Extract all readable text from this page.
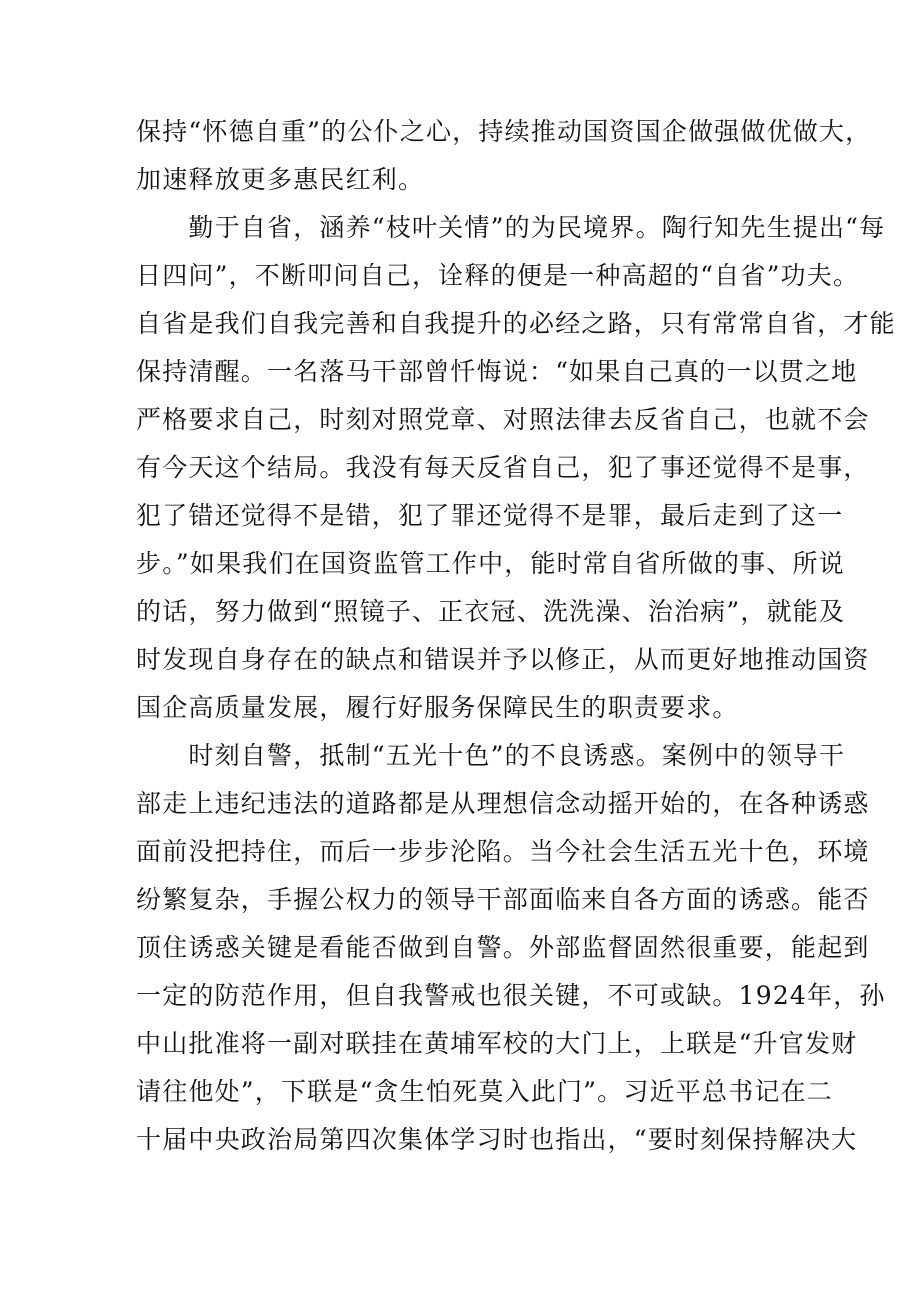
保持“怀德自重”的公仆之心，持续推动国资国企做强做优做大，
加速释放更多惠民红利。
　　勤于自省，涵养“枝叶关情”的为民境界。陶行知先生提出“每
日四问”，不断叩问自己，诠释的便是一种高超的“自省”功夫。
自省是我们自我完善和自我提升的必经之路，只有常常自省，才能
保持清醒。一名落马干部曾忏悔说：“如果自己真的一以贯之地
严格要求自己，时刻对照党章、对照法律去反省自己，也就不会
有今天这个结局。我没有每天反省自己，犯了事还觉得不是事，
犯了错还觉得不是错，犯了罪还觉得不是罪，最后走到了这一
步。”如果我们在国资监管工作中，能时常自省所做的事、所说
的话，努力做到“照镜子、正衣冠、洗洗澡、治治病”，就能及
时发现自身存在的缺点和错误并予以修正，从而更好地推动国资
国企高质量发展，履行好服务保障民生的职责要求。
　　时刻自警，抵制“五光十色”的不良诱惑。案例中的领导干
部走上违纪违法的道路都是从理想信念动摇开始的，在各种诱惑
面前没把持住，而后一步步沦陷。当今社会生活五光十色，环境
纷繁复杂，手握公权力的领导干部面临来自各方面的诱惑。能否
顶住诱惑关键是看能否做到自警。外部监督固然很重要，能起到
一定的防范作用，但自我警戒也很关键，不可或缺。1924年，孙
中山批准将一副对联挂在黄埔军校的大门上，上联是“升官发财
请往他处”，下联是“贪生怕死莫入此门”。习近平总书记在二
十届中央政治局第四次集体学习时也指出，“要时刻保持解决大
